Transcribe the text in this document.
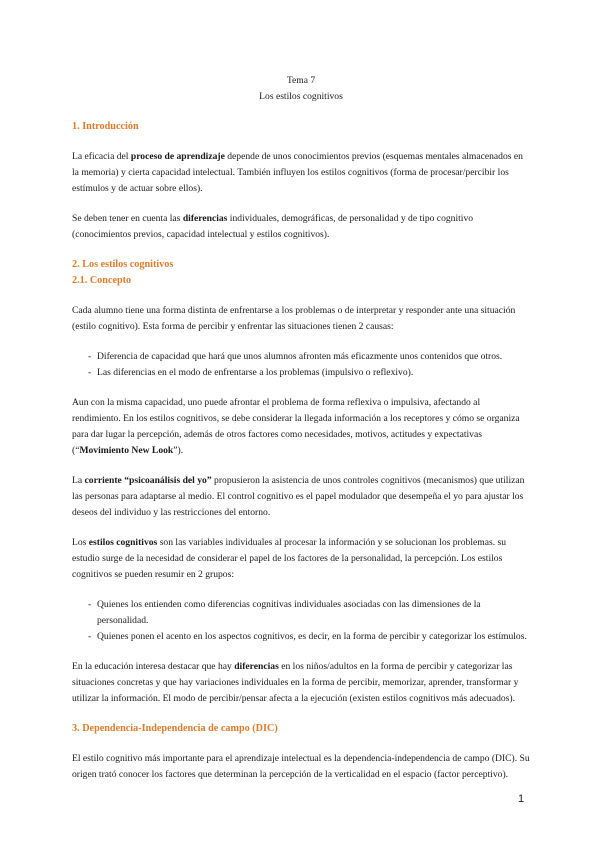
Tema 7

Los estilos cognitivos

1. Introducción

La eficacia del proceso de aprendizaje depende de unos conocimientos previos (esquemas mentales almacenados en la memoria) y cierta capacidad intelectual. También influyen los estilos cognitivos (forma de procesar/percibir los estímulos y de actuar sobre ellos).

Se deben tener en cuenta las diferencias individuales, demográficas, de personalidad y de tipo cognitivo (conocimientos previos, capacidad intelectual y estilos cognitivos).

2. Los estilos cognitivos

2.1. Concepto

Cada alumno tiene una forma distinta de enfrentarse a los problemas o de interpretar y responder ante una situación (estilo cognitivo). Esta forma de percibir y enfrentar las situaciones tienen 2 causas:

- Diferencia de capacidad que hará que unos alumnos afronten más eficazmente unos contenidos que otros.
- Las diferencias en el modo de enfrentarse a los problemas (impulsivo o reflexivo).

Aun con la misma capacidad, uno puede afrontar el problema de forma reflexiva o impulsiva, afectando al rendimiento. En los estilos cognitivos, se debe considerar la llegada información a los receptores y cómo se organiza para dar lugar la percepción, además de otros factores como necesidades, motivos, actitudes y expectativas (“Movimiento New Look”).

La corriente “psicoanálisis del yo” propusieron la asistencia de unos controles cognitivos (mecanismos) que utilizan las personas para adaptarse al medio. El control cognitivo es el papel modulador que desempeña el yo para ajustar los deseos del individuo y las restricciones del entorno.

Los estilos cognitivos son las variables individuales al procesar la información y se solucionan los problemas. su estudio surge de la necesidad de considerar el papel de los factores de la personalidad, la percepción. Los estilos cognitivos se pueden resumir en 2 grupos:

- Quienes los entienden como diferencias cognitivas individuales asociadas con las dimensiones de la personalidad.
- Quienes ponen el acento en los aspectos cognitivos, es decir, en la forma de percibir y categorizar los estímulos.

En la educación interesa destacar que hay diferencias en los niños/adultos en la forma de percibir y categorizar las situaciones concretas y que hay variaciones individuales en la forma de percibir, memorizar, aprender, transformar y utilizar la información. El modo de percibir/pensar afecta a la ejecución (existen estilos cognitivos más adecuados).

3. Dependencia-Independencia de campo (DIC)

El estilo cognitivo más importante para el aprendizaje intelectual es la dependencia-independencia de campo (DIC). Su origen trató conocer los factores que determinan la percepción de la verticalidad en el espacio (factor perceptivo).

1
